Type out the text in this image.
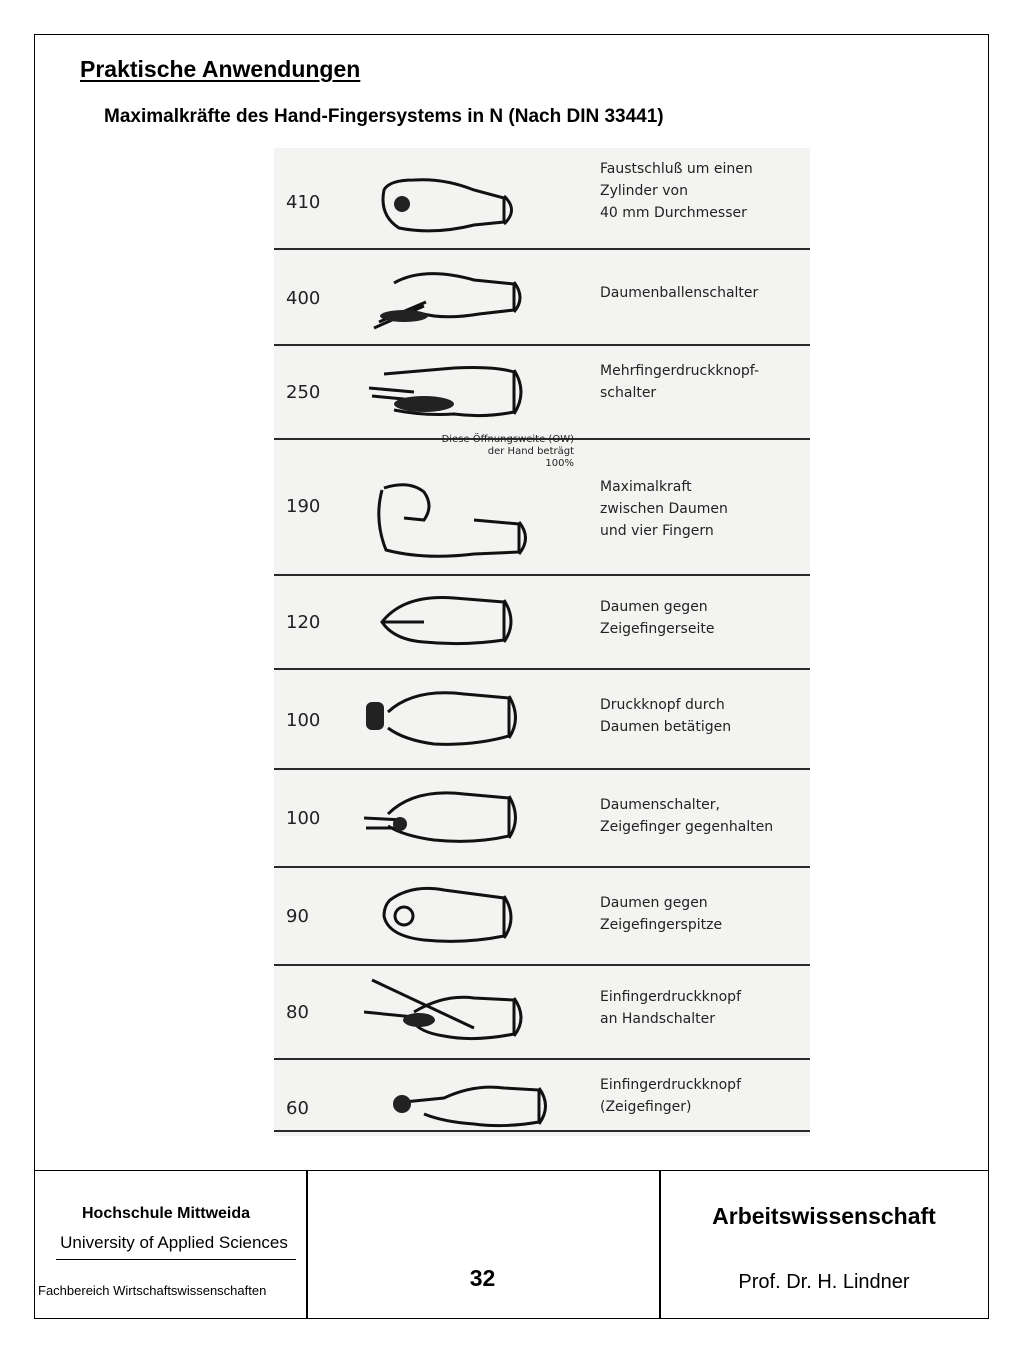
Praktische Anwendungen
Maximalkräfte des Hand-Fingersystems in N (Nach DIN 33441)
410
Faustschluß um einen
Zylinder von
40 mm Durchmesser
400	Daumenballenschalter
250
Mehrfingerdruckknopf-
schalter
Diese Öffnungsweite (OW)
der Hand beträgt
100%
190
Maximalkraft
zwischen Daumen
und vier Fingern
120
Daumen gegen
Zeigefingerseite
100
Druckknopf durch
Daumen betätigen
100
Daumenschalter,
Zeigefinger gegenhalten
90
Daumen gegen
Zeigefingerspitze
80
Einfingerdruckknopf
an Handschalter
60
Einfingerdruckknopf
(Zeigefinger)
Hochschule Mittweida
University of Applied Sciences
Fachbereich Wirtschaftswissenschaften	32
Arbeitswissenschaft
Prof. Dr. H. Lindner
